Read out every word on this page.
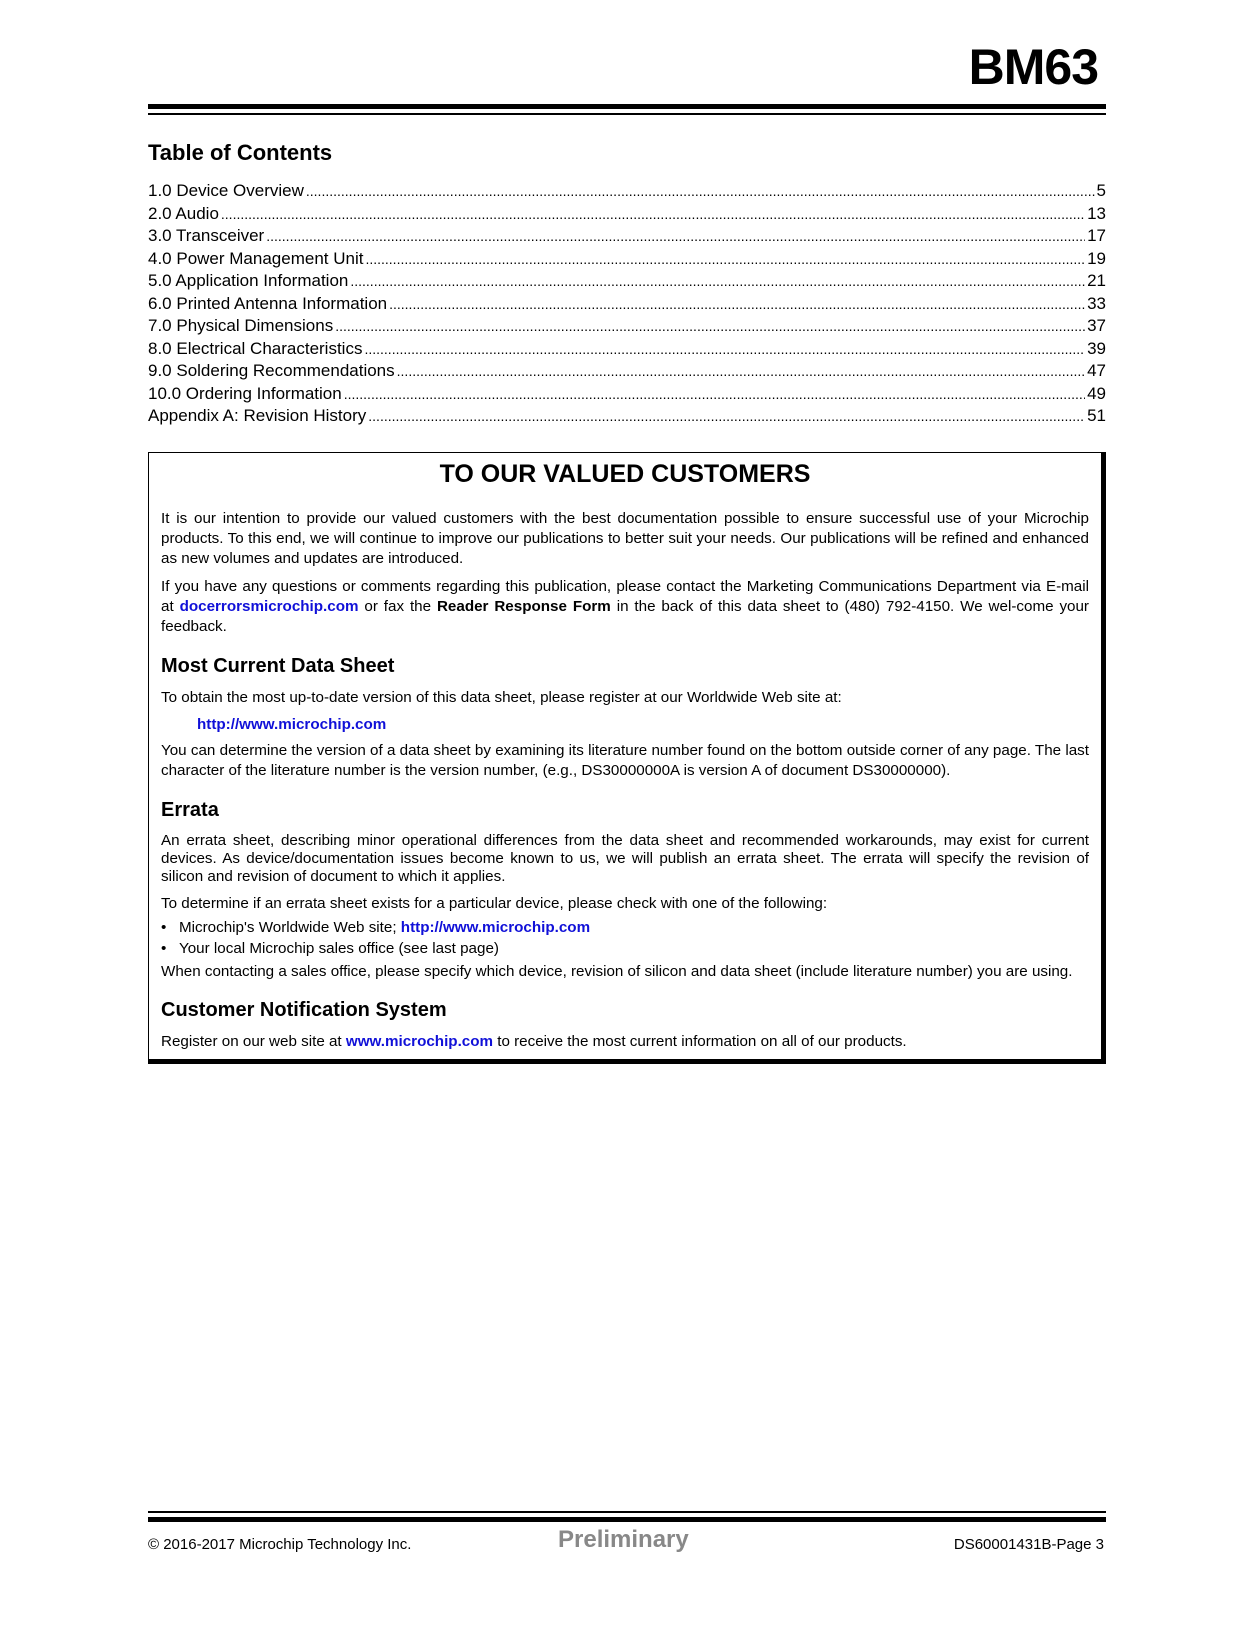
BM63
Table of Contents
1.0 Device Overview .....	5
2.0 Audio .....	13
3.0 Transceiver .....	17
4.0 Power Management Unit .....	19
5.0 Application Information .....	21
6.0 Printed Antenna Information .....	33
7.0 Physical Dimensions .....	37
8.0 Electrical Characteristics .....	39
9.0 Soldering Recommendations .....	47
10.0 Ordering Information .....	49
Appendix A: Revision History .....	51
TO OUR VALUED CUSTOMERS

It is our intention to provide our valued customers with the best documentation possible to ensure successful use of your Microchip products. To this end, we will continue to improve our publications to better suit your needs. Our publications will be refined and enhanced as new volumes and updates are introduced.

If you have any questions or comments regarding this publication, please contact the Marketing Communications Department via E-mail at docerrorsmicrochip.com or fax the Reader Response Form in the back of this data sheet to (480) 792-4150. We wel-come your feedback.

Most Current Data Sheet

To obtain the most up-to-date version of this data sheet, please register at our Worldwide Web site at:

http://www.microchip.com

You can determine the version of a data sheet by examining its literature number found on the bottom outside corner of any page. The last character of the literature number is the version number, (e.g., DS30000000A is version A of document DS30000000).

Errata

An errata sheet, describing minor operational differences from the data sheet and recommended workarounds, may exist for current devices. As device/documentation issues become known to us, we will publish an errata sheet. The errata will specify the revision of silicon and revision of document to which it applies.

To determine if an errata sheet exists for a particular device, please check with one of the following:

• Microchip's Worldwide Web site; http://www.microchip.com
• Your local Microchip sales office (see last page)

When contacting a sales office, please specify which device, revision of silicon and data sheet (include literature number) you are using.

Customer Notification System

Register on our web site at www.microchip.com to receive the most current information on all of our products.

© 2016-2017 Microchip Technology Inc.	Preliminary	DS60001431B-Page 3
